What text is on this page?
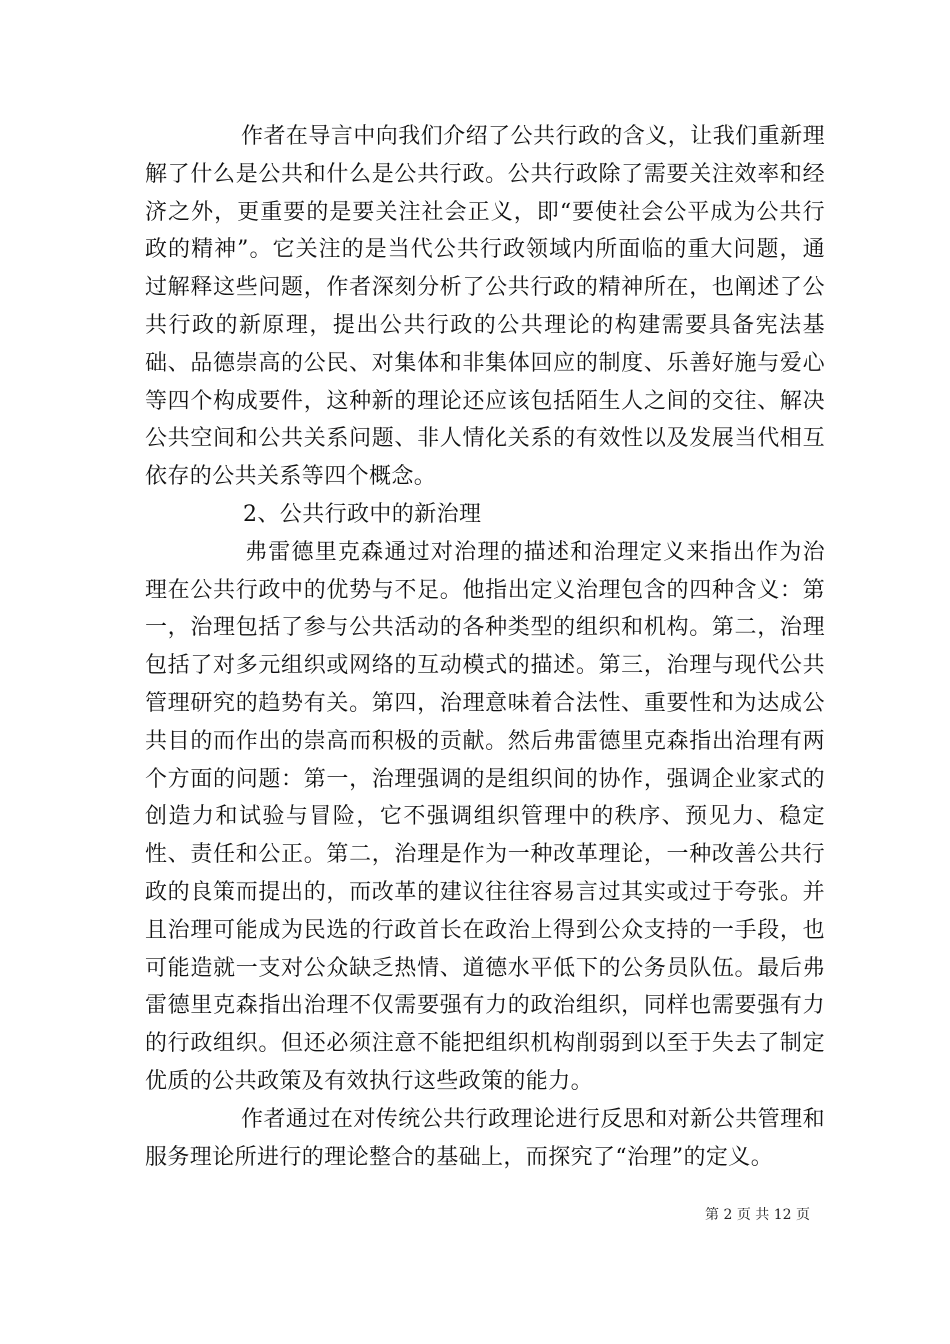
作者在导言中向我们介绍了公共行政的含义，让我们重新理解了什么是公共和什么是公共行政。公共行政除了需要关注效率和经济之外，更重要的是要关注社会正义，即“要使社会公平成为公共行政的精神”。它关注的是当代公共行政领域内所面临的重大问题，通过解释这些问题，作者深刻分析了公共行政的精神所在，也阐述了公共行政的新原理，提出公共行政的公共理论的构建需要具备宪法基础、品德崇高的公民、对集体和非集体回应的制度、乐善好施与爱心等四个构成要件，这种新的理论还应该包括陌生人之间的交往、解决公共空间和公共关系问题、非人情化关系的有效性以及发展当代相互依存的公共关系等四个概念。

2、公共行政中的新治理

弗雷德里克森通过对治理的描述和治理定义来指出作为治理在公共行政中的优势与不足。他指出定义治理包含的四种含义：第一，治理包括了参与公共活动的各种类型的组织和机构。第二，治理包括了对多元组织或网络的互动模式的描述。第三，治理与现代公共管理研究的趋势有关。第四，治理意味着合法性、重要性和为达成公共目的而作出的崇高而积极的贡献。然后弗雷德里克森指出治理有两个方面的问题：第一，治理强调的是组织间的协作，强调企业家式的创造力和试验与冒险，它不强调组织管理中的秩序、预见力、稳定性、责任和公正。第二，治理是作为一种改革理论，一种改善公共行政的良策而提出的，而改革的建议往往容易言过其实或过于夸张。并且治理可能成为民选的行政首长在政治上得到公众支持的一手段，也可能造就一支对公众缺乏热情、道德水平低下的公务员队伍。最后弗雷德里克森指出治理不仅需要强有力的政治组织，同样也需要强有力的行政组织。但还必须注意不能把组织机构削弱到以至于失去了制定优质的公共政策及有效执行这些政策的能力。

作者通过在对传统公共行政理论进行反思和对新公共管理和服务理论所进行的理论整合的基础上，而探究了“治理”的定义。

第 2 页 共 12 页
